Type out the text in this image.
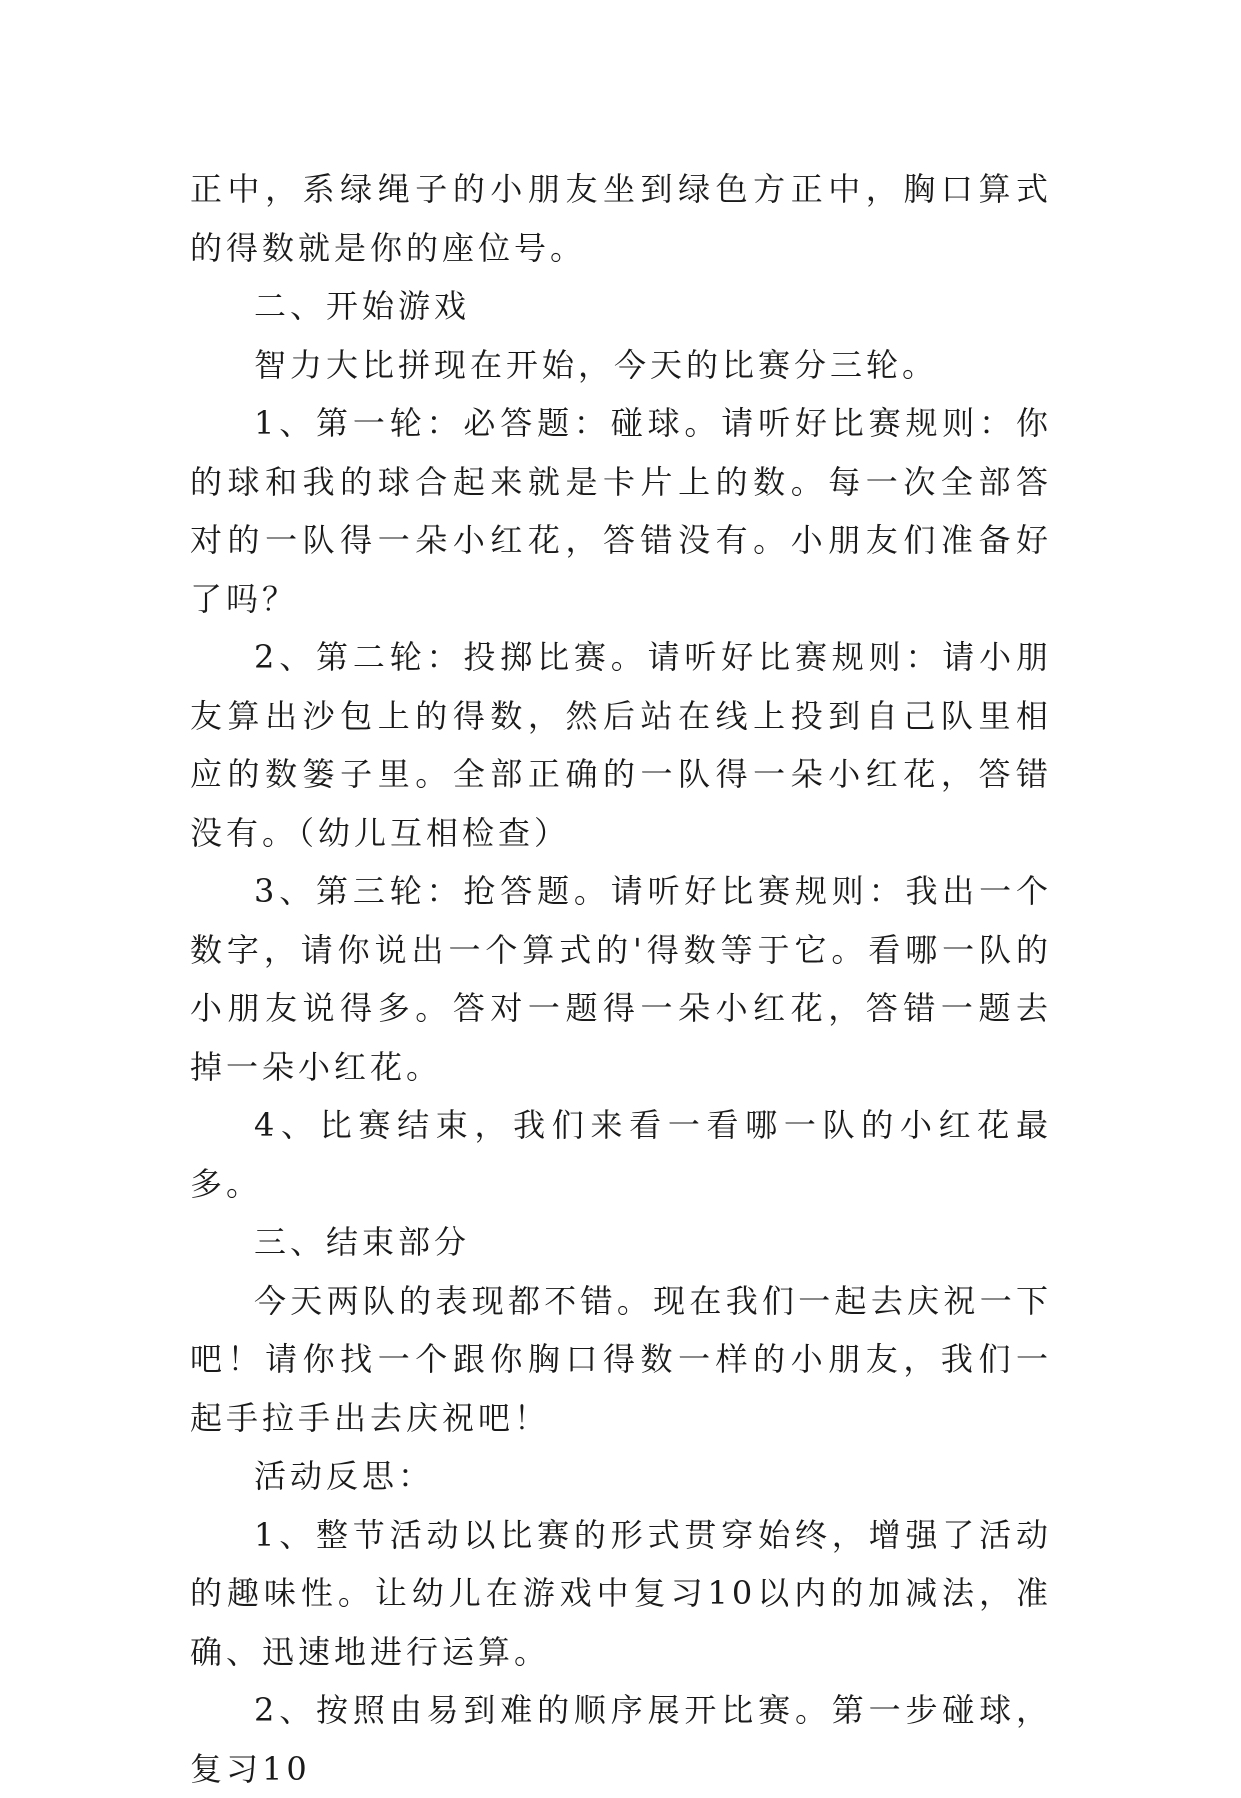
正中，系绿绳子的小朋友坐到绿色方正中，胸口算式的得数就是你的座位号。

二、开始游戏

智力大比拼现在开始，今天的比赛分三轮。

1、第一轮：必答题：碰球。请听好比赛规则：你的球和我的球合起来就是卡片上的数。每一次全部答对的一队得一朵小红花，答错没有。小朋友们准备好了吗？

2、第二轮：投掷比赛。请听好比赛规则：请小朋友算出沙包上的得数，然后站在线上投到自己队里相应的数篓子里。全部正确的一队得一朵小红花，答错没有。（幼儿互相检查）

3、第三轮：抢答题。请听好比赛规则：我出一个数字，请你说出一个算式的'得数等于它。看哪一队的小朋友说得多。答对一题得一朵小红花，答错一题去掉一朵小红花。

4、比赛结束，我们来看一看哪一队的小红花最多。

三、结束部分

今天两队的表现都不错。现在我们一起去庆祝一下吧！请你找一个跟你胸口得数一样的小朋友，我们一起手拉手出去庆祝吧！

活动反思：

1、整节活动以比赛的形式贯穿始终，增强了活动的趣味性。让幼儿在游戏中复习10以内的加减法，准确、迅速地进行运算。

2、按照由易到难的顺序展开比赛。第一步碰球，复习10
